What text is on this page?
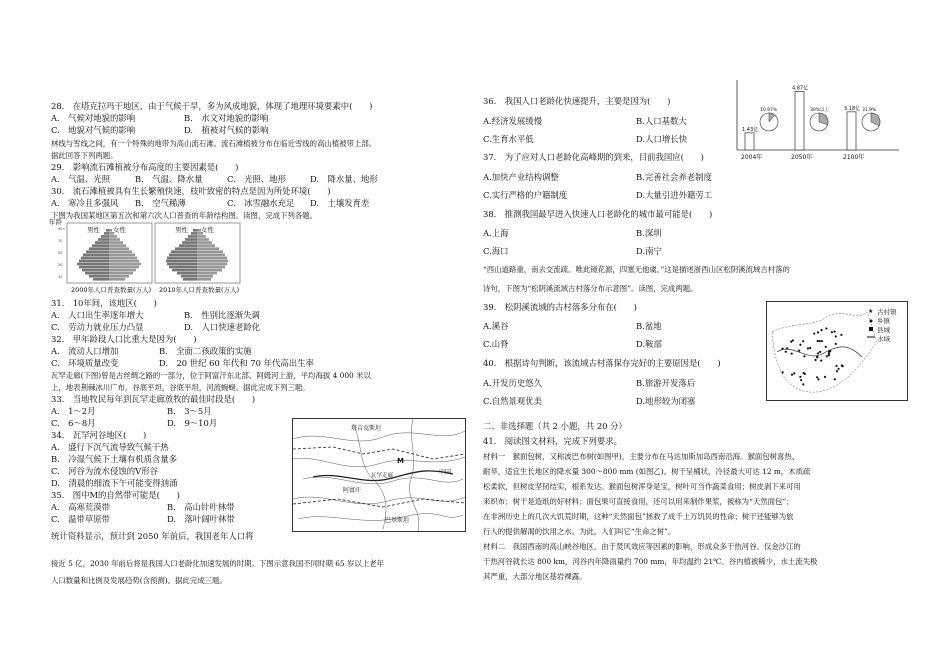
28.　在塔克拉玛干地区，由于气候干旱，多为风成地貌，体现了地理环境要素中(　　)
A.　气候对地貌的影响	B.　水文对地貌的影响
C.　地貌对气候的影响	D.　植被对气候的影响
林线与雪线之间，有一个特殊的地带为高山流石滩。流石滩植被分布在临近雪线的高山植被带上部。
据此回答下列两题。
29.　影响流石滩植被分布高度的主要因素是(　　)
A.　气温、光照	B.　气温、降水量	C.　光照、地形	D.　降水量、地形
30.　流石滩植被具有生长繁殖快速，枝叶致密的特点是因为所处环境(　　)
A.　寒冷且多强风 B.　空气稀薄	C.　冰雪融水充足 D.　土壤发育差
下图为我国某地区第五次和第六次人口普查的年龄结构图。读图，完成下列各题。
90+
70
50
30
10
男性 女性	男性 女性
年龄
2000年人口普查数量(万人) 2010年人口普查数量(万人)
31.　10年间，该地区(　　)
A.　人口出生率逐年增大	B.　性别比逐渐失调
C.　劳动力就业压力凸显	D.　人口快速老龄化
32.　甲年龄段人口比重大是因为(　　)
A.　流动人口增加	B.　全面二孩政策的实施
C.　环境质量改变	D.　20 世纪 60 年代和 70 年代高出生率
瓦罕走廊(下图)曾是古丝绸之路的一部分，位于阿富汗东北部、阿姆河上游，平均海拔 4 000 米以
上，地表荆棘冰川广布，谷底平坦，谷底平坦，河流蜿蜒。据此完成下列三题。
33.　当地牧民每年到瓦罕走廊放牧的最佳时段是(　　)
A.　1～2月	B.　3～5月
C.　6～8月	D.　9～10月
34.　瓦罕河谷地区(　　)
A.　盛行下沉气流导致气候干热
B.　冷湿气候下土壤有机质含量多
C.　河谷为流水侵蚀的V形谷
D.　清晨的细流下午可能变得汹涌
35.　图中M的自然带可能是(　　)
A.　高寒荒漠带	B.　高山针叶林带
C.　温带草原带	D.　落叶阔叶林带
统计资料显示，预计到 2050 年前后，我国老年人口将
接近 5 亿，2030 年前后将是我国人口老龄化加速发展的时期。下图示意我国不同时期 65 岁以上老年
人口数量和比例及发展趋势(含预测)。据此完成三题。
塔吉克斯坦
中国
M
阿富汗
巴基斯坦
瓦罕走廊
1.43亿
2004年
10.97%
4.87亿
2050年
30%以上	3.18亿
2100年
31.9%
36.　我国人口老龄化快速提升，主要是因为(　　)
A.经济发展缓慢	B.人口基数大
C.生育水平低	D.人口增长快
37.　为了应对人口老龄化高峰期的到来，目前我国应(　　)
A.加快产业结构调整	B.完善社会养老制度
C.实行严格的户籍制度	D.大量引进外籍劳工
38.　推测我国最早进入快速人口老龄化的城市最可能是(　　)
A.上海	B.深圳
C.海口	D.南宁
“西山道路重，南去交流疏。唯此镜花源，四塞无他虞。”这是描述浙西山区松阴溪流域古村落的
诗句，下图为“松阴溪流域古村落分布示意图”。读图，完成两题。
39.　松阴溪流域的古村落多分布在(　　)
A.溪谷	B.盆地
C.山脊	D.鞍部
40.　根据诗句判断，该流域古村落保存完好的主要原因是(　　)
A.开发历史悠久	B.旅游开发落后
C.自然景观优美	D.地形较为闭塞
★ 古村镇
乡镇
县城
水域
二、非选择题（共 2 小题，共 20 分）
41.　阅读图文材料，完成下列要求。
材料一　猴面包树，又称波巴布树(如图甲)，主要分布在马达加斯加岛西南沿海。猴面包树喜热、
耐旱，适宜生长地区的降水量 300～800 mm (如图乙)。树干呈桶状，冷径最大可达 12 m，木质疏
松柔软，但树皮坚韧结实，根系发达。猴面包树浑身是宝，树叶可当作蔬菜食用；树皮剥下来可用
来织布；树干是造纸的好材料；面包果可直接食用，还可以用来制作果浆，被称为“天然面包”；
在非洲历史上的几次大饥荒时期，这种“天然面包”拯救了成千上万饥民的性命；树干还能够为旅
行人的提供解渴的饮用之水。为此，人们叫它“生命之树”。
材料二　我国西南的高山峡谷地区，由于焚风效应等因素的影响，形成众多干热河谷。仅金沙江的
干热河谷就长达 800 km，河谷内年降雨量约 700 mm，年均温约 21℃。谷内植被稀少，水土流失极
其严重，大部分地区基岩裸露。
